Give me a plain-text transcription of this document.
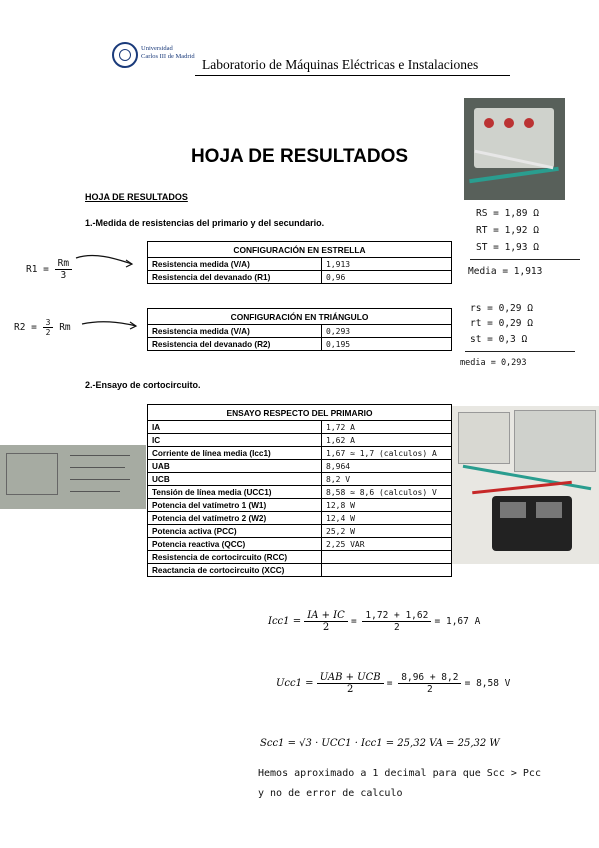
Universidad
Carlos III de Madrid
Laboratorio de Máquinas Eléctricas e Instalaciones
HOJA DE RESULTADOS
HOJA DE RESULTADOS
1.-Medida de resistencias del primario y del secundario.
RS = 1,89 Ω
RT = 1,92 Ω
ST = 1,93 Ω
Media = 1,913
rs = 0,29 Ω
rt = 0,29 Ω
st = 0,3 Ω
media = 0,293
$R1 = \frac{Rm}{3}$
CONFIGURACIÓN EN ESTRELLA	
Resistencia medida (V/A)	1,913
Resistencia del devanado (R1)	0,96
$R2 = \frac{3}{2}$ Rm
CONFIGURACIÓN EN TRIÁNGULO	
Resistencia medida (V/A)	0,293
Resistencia del devanado (R2)	0,195
2.-Ensayo de cortocircuito.
ENSAYO RESPECTO DEL PRIMARIO	
IA	1,72 A
IC	1,62 A
Corriente de línea media (Icc1)	1,67 ≃ 1,7 (calculos) A
UAB	8,964
UCB	8,2 V
Tensión de línea media (UCC1)	8,58 ≃ 8,6 (calculos) V
Potencia del vatímetro 1 (W1)	12,8 W
Potencia del vatímetro 2 (W2)	12,4 W
Potencia activa (PCC)	25,2 W
Potencia reactiva (QCC)	2,25 VAR
Resistencia de cortocircuito (RCC)	
Reactancia de cortocircuito (XCC)	
$Icc1 = \frac{IA + IC}{2} = \frac{1,72 + 1,62}{2} = 1,67$ A
$Ucc1 = \frac{\text{UAB + UCB}}{2} = \frac{8,96 + 8,2}{2} = 8,58$ V
Scc1 = √3 · UCC1 · Icc1 = 25,32 VA = 25,32 W
Hemos aproximado a 1 decimal para que Scc > Pcc
y no de error de calculo
